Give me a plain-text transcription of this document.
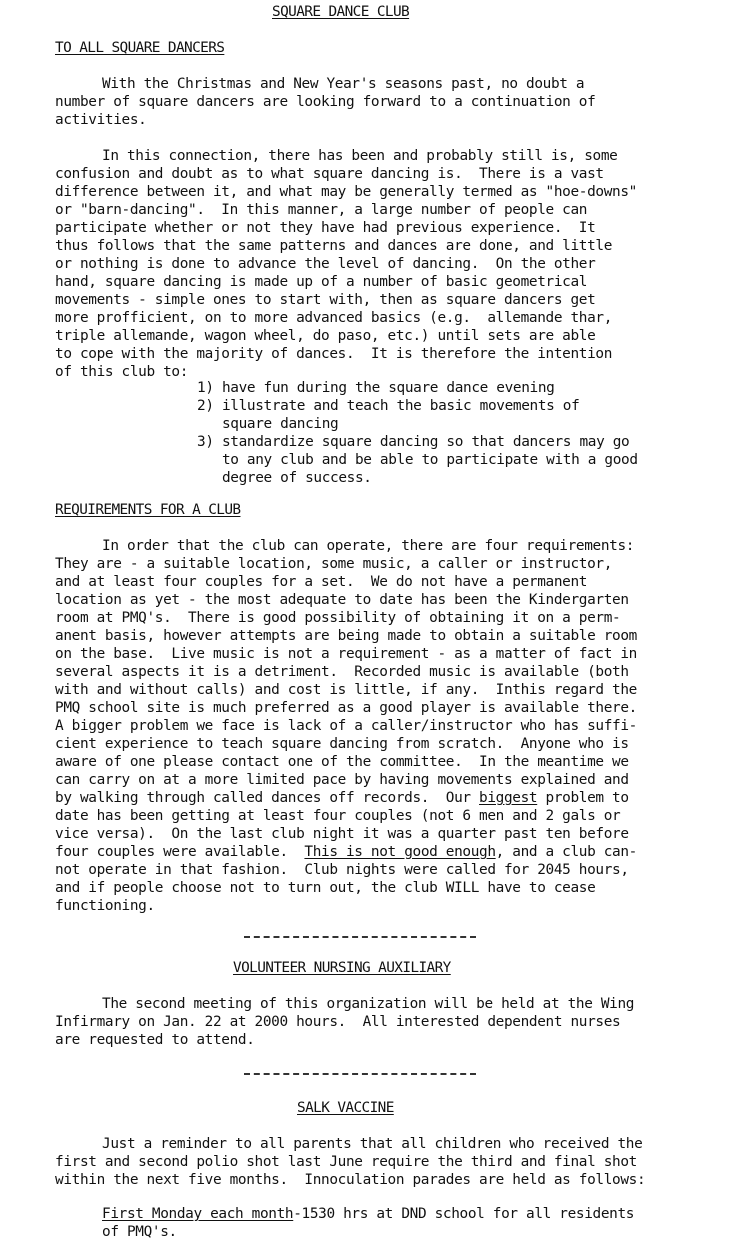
SQUARE DANCE CLUB
TO ALL SQUARE DANCERS
With the Christmas and New Year's seasons past, no doubt a
number of square dancers are looking forward to a continuation of
activities.
In this connection, there has been and probably still is, some
confusion and doubt as to what square dancing is.  There is a vast
difference between it, and what may be generally termed as "hoe-downs"
or "barn-dancing".  In this manner, a large number of people can
participate whether or not they have had previous experience.  It
thus follows that the same patterns and dances are done, and little
or nothing is done to advance the level of dancing.  On the other
hand, square dancing is made up of a number of basic geometrical
movements - simple ones to start with, then as square dancers get
more profficient, on to more advanced basics (e.g.  allemande thar,
triple allemande, wagon wheel, do paso, etc.) until sets are able
to cope with the majority of dances.  It is therefore the intention
of this club to:
1) have fun during the square dance evening
2) illustrate and teach the basic movements of
square dancing
3) standardize square dancing so that dancers may go
to any club and be able to participate with a good
degree of success.
REQUIREMENTS FOR A CLUB
In order that the club can operate, there are four requirements:
They are - a suitable location, some music, a caller or instructor,
and at least four couples for a set.  We do not have a permanent
location as yet - the most adequate to date has been the Kindergarten
room at PMQ's.  There is good possibility of obtaining it on a perm-
anent basis, however attempts are being made to obtain a suitable room
on the base.  Live music is not a requirement - as a matter of fact in
several aspects it is a detriment.  Recorded music is available (both
with and without calls) and cost is little, if any.  Inthis regard the
PMQ school site is much preferred as a good player is available there.
A bigger problem we face is lack of a caller/instructor who has suffi-
cient experience to teach square dancing from scratch.  Anyone who is
aware of one please contact one of the committee.  In the meantime we
can carry on at a more limited pace by having movements explained and
by walking through called dances off records.  Our biggest problem to
date has been getting at least four couples (not 6 men and 2 gals or
vice versa).  On the last club night it was a quarter past ten before
four couples were available.  This is not good enough, and a club can-
not operate in that fashion.  Club nights were called for 2045 hours,
and if people choose not to turn out, the club WILL have to cease
functioning.
VOLUNTEER NURSING AUXILIARY
The second meeting of this organization will be held at the Wing
Infirmary on Jan. 22 at 2000 hours.  All interested dependent nurses
are requested to attend.
SALK VACCINE
Just a reminder to all parents that all children who received the
first and second polio shot last June require the third and final shot
within the next five months.  Innoculation parades are held as follows:
First Monday each month-1530 hrs at DND school for all residents
of PMQ's.
